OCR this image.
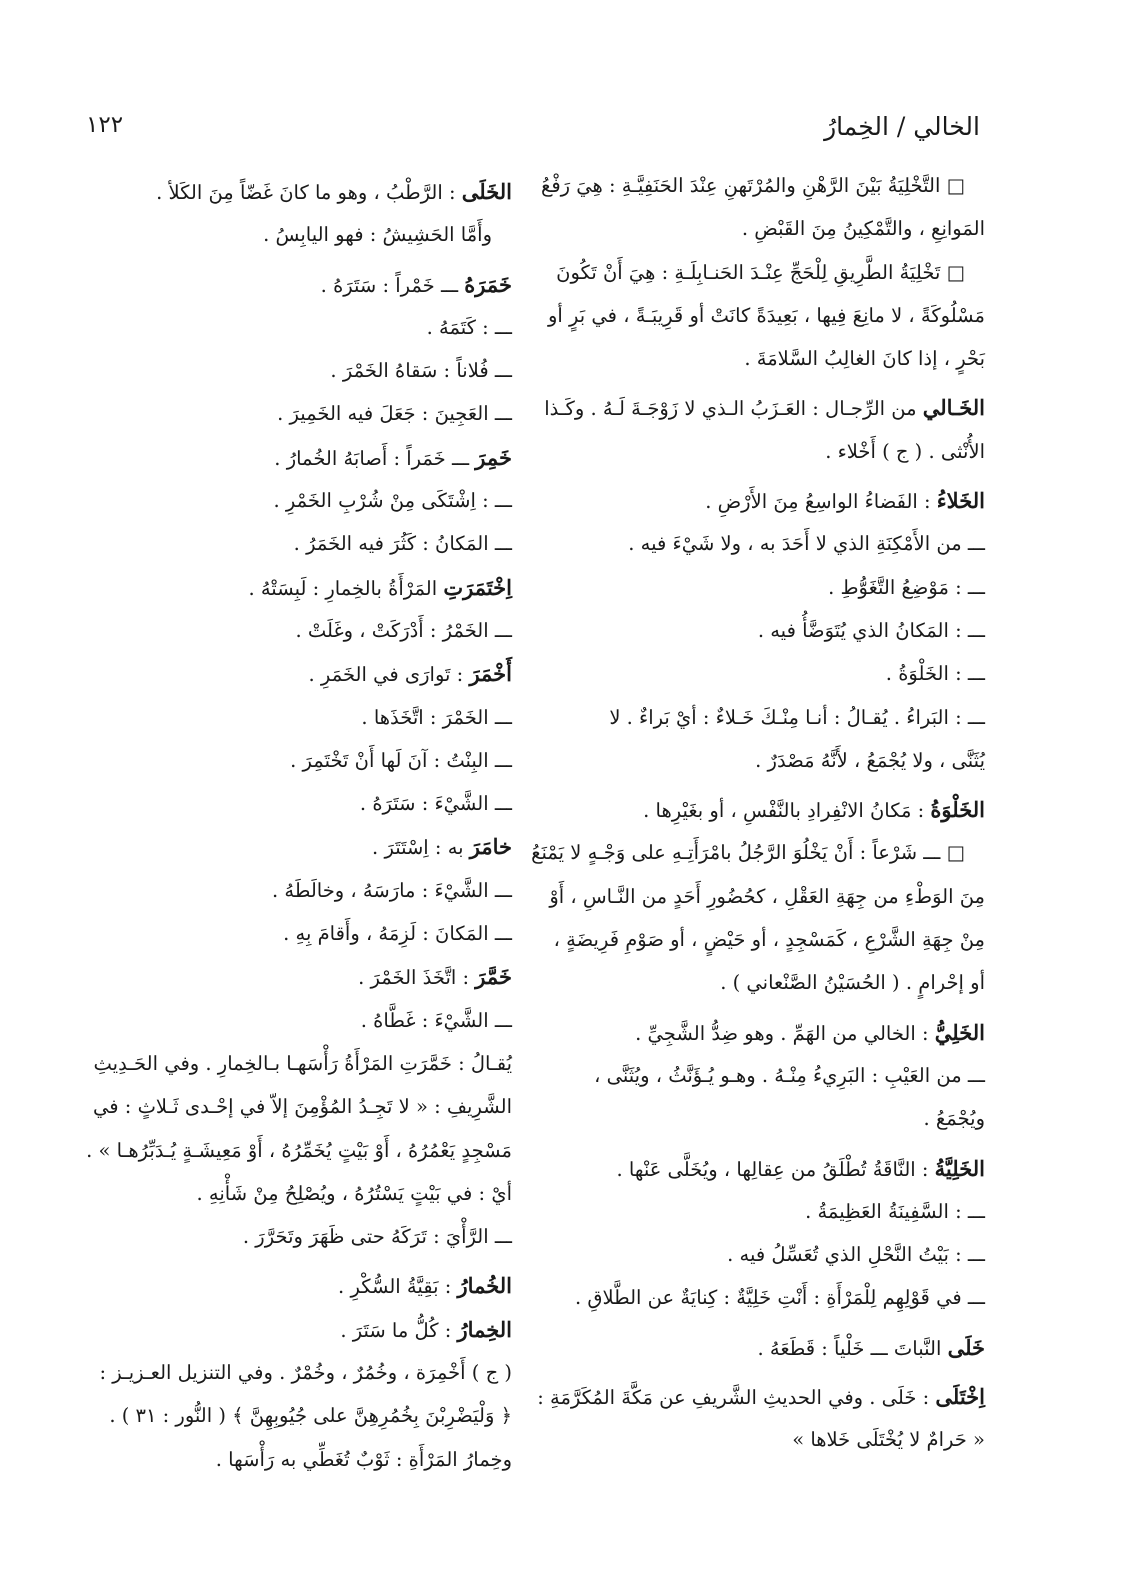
الخالي / الخِمارُ
١٢٢
□ التَّخْلِيَةُ بَيْنَ الرَّهْنِ والمُرْتَهنِ عِنْدَ الحَنَفِيَّـةِ : هِيَ رَفْعُ
المَوانِعِ ، والتَّمْكِينُ مِنَ القَبْضِ .
□ تَخْلِيَةُ الطَّرِيقِ لِلْحَجِّ عِنْـدَ الحَنـابِلَـةِ : هِيَ أَنْ تَكُونَ
مَسْلُوكَةً ، لا مانِعَ فِيها ، بَعِيدَةً كانَتْ أو قَرِيبَـةً ، في بَرٍ أو
بَحْرٍ ، إذا كانَ الغالِبُ السَّلامَةَ .
الخَـالي من الرِّجـال : العَـزَبُ الـذي لا زَوْجَـةَ لَـهُ . وكَـذا
الأُنْثى . ( ج ) أَخْلاء .
الخَلاءُ : الفَضاءُ الواسِعُ مِنَ الأَرْضِ .
ـــ من الأَمْكِنَةِ الذي لا أَحَدَ به ، ولا شَيْءَ فيه .
ـــ : مَوْضِعُ التَّغَوُّطِ .
ـــ : المَكانُ الذي يُتَوَضَّأُ فيه .
ـــ : الخَلْوَةُ .
ـــ : البَراءُ . يُقـالُ : أنـا مِنْـكَ خَـلاءٌ : أيْ بَراءٌ . لا
يُثَنَّى ، ولا يُجْمَعُ ، لأَنَّهُ مَصْدَرٌ .
الخَلْوَةُ : مَكانُ الانْفِرادِ بالنَّفْسِ ، أو بغَيْرِها .
□ ـــ شَرْعاً : أَنْ يَخْلُوَ الرَّجُلُ بامْرَأَتِـهِ على وَجْـهٍ لا يَمْنَعُ
مِنَ الوَطْءِ من جِهَةِ العَقْلِ ، كحُضُورِ أَحَدٍ من النَّـاسِ ، أَوْ
مِنْ جِهَةِ الشَّرْعِ ، كَمَسْجِدٍ ، أو حَيْضٍ ، أو صَوْمِ فَرِيضَةٍ ،
أو إحْرامٍ . ( الحُسَيْنُ الصَّنْعاني ) .
الخَلِيُّ : الخالي من الهَمِّ . وهو ضِدُّ الشَّجِيِّ .
ـــ من العَيْبِ : البَرِيءُ مِنْـهُ . وهـو يُـؤَنَّثُ ، ويُثَنَّى ،
ويُجْمَعُ .
الخَلِيَّةُ : النَّاقَةُ تُطْلَقُ من عِقالِها ، ويُخَلَّى عَنْها .
ـــ : السَّفِينَةُ العَظِيمَةُ .
ـــ : بَيْتُ النَّحْلِ الذي تُعَسِّلُ فيه .
ـــ في قَوْلِهِم لِلْمَرْأَةِ : أَنْتِ خَلِيَّةٌ : كِنايَةٌ عن الطَّلاقِ .
خَلَى النَّباتَ ـــ خَلْياً : قَطَعَهُ .
اِخْتَلَى : خَلَى . وفي الحديثِ الشَّريفِ عن مَكَّةَ المُكَرَّمَةِ :
« حَرامٌ لا يُخْتَلَى خَلاها »
الخَلَى : الرَّطْبُ ، وهو ما كانَ غَضّاً مِنَ الكَلأ .
وأَمَّا الحَشِيشُ : فهو اليابِسُ .
خَمَرَهُ ـــ خَمْراً : سَتَرَهُ .
ـــ : كَتَمَهُ .
ـــ فُلاناً : سَقاهُ الخَمْرَ .
ـــ العَجِينَ : جَعَلَ فيه الخَمِيرَ .
خَمِرَ ـــ خَمَراً : أَصابَهُ الخُمارُ .
ـــ : اِشْتَكَى مِنْ شُرْبِ الخَمْرِ .
ـــ المَكانُ : كَثُرَ فيه الخَمَرُ .
اِخْتَمَرَتِ المَرْأَةُ بالخِمارِ : لَبِسَتْهُ .
ـــ الخَمْرُ : أَدْرَكَتْ ، وغَلَتْ .
أَخْمَرَ : تَوارَى في الخَمَرِ .
ـــ الخَمْرَ : اتَّخَذَها .
ـــ البِنْتُ : آنَ لَها أَنْ تَخْتَمِرَ .
ـــ الشَّيْءَ : سَتَرَهُ .
خامَرَ به : اِسْتَتَرَ .
ـــ الشَّيْءَ : مارَسَهُ ، وخالَطَهُ .
ـــ المَكانَ : لَزِمَهُ ، وأَقامَ بِهِ .
خَمَّرَ : اتَّخَذَ الخَمْرَ .
ـــ الشَّيْءَ : غَطَّاهُ .
يُقـالُ : خَمَّرَتِ المَرْأَةُ رَأْسَهـا بـالخِمارِ . وفي الحَـدِيثِ
الشَّرِيفِ : « لا تَجِـدُ المُؤْمِنَ إلاّ في إحْـدى ثَـلاثٍ : في
مَسْجِدٍ يَعْمُرُهُ ، أَوْ بَيْتٍ يُخَمِّرُهُ ، أَوْ مَعِيشَـةٍ يُـدَبِّرُهـا » .
أيْ : في بَيْتٍ يَسْتُرُهُ ، ويُصْلِحُ مِنْ شَأْنِهِ .
ـــ الرَّأْيَ : تَرَكَهُ حتى ظَهَرَ وتَحَرَّرَ .
الخُمارُ : بَقِيَّةُ السُّكْرِ .
الخِمارُ : كُلُّ ما سَتَرَ .
( ج ) أَخْمِرَة ، وخُمُرٌ ، وخُمْرٌ . وفي التنزيل العـزيـز :
﴿ وَلْيَضْرِبْنَ بِخُمُرِهِنَّ على جُيُوبِهِنَّ ﴾ ( النُّور : ٣١ ) .
وخِمارُ المَرْأَةِ : ثَوْبٌ تُغَطِّي به رَأْسَها .
